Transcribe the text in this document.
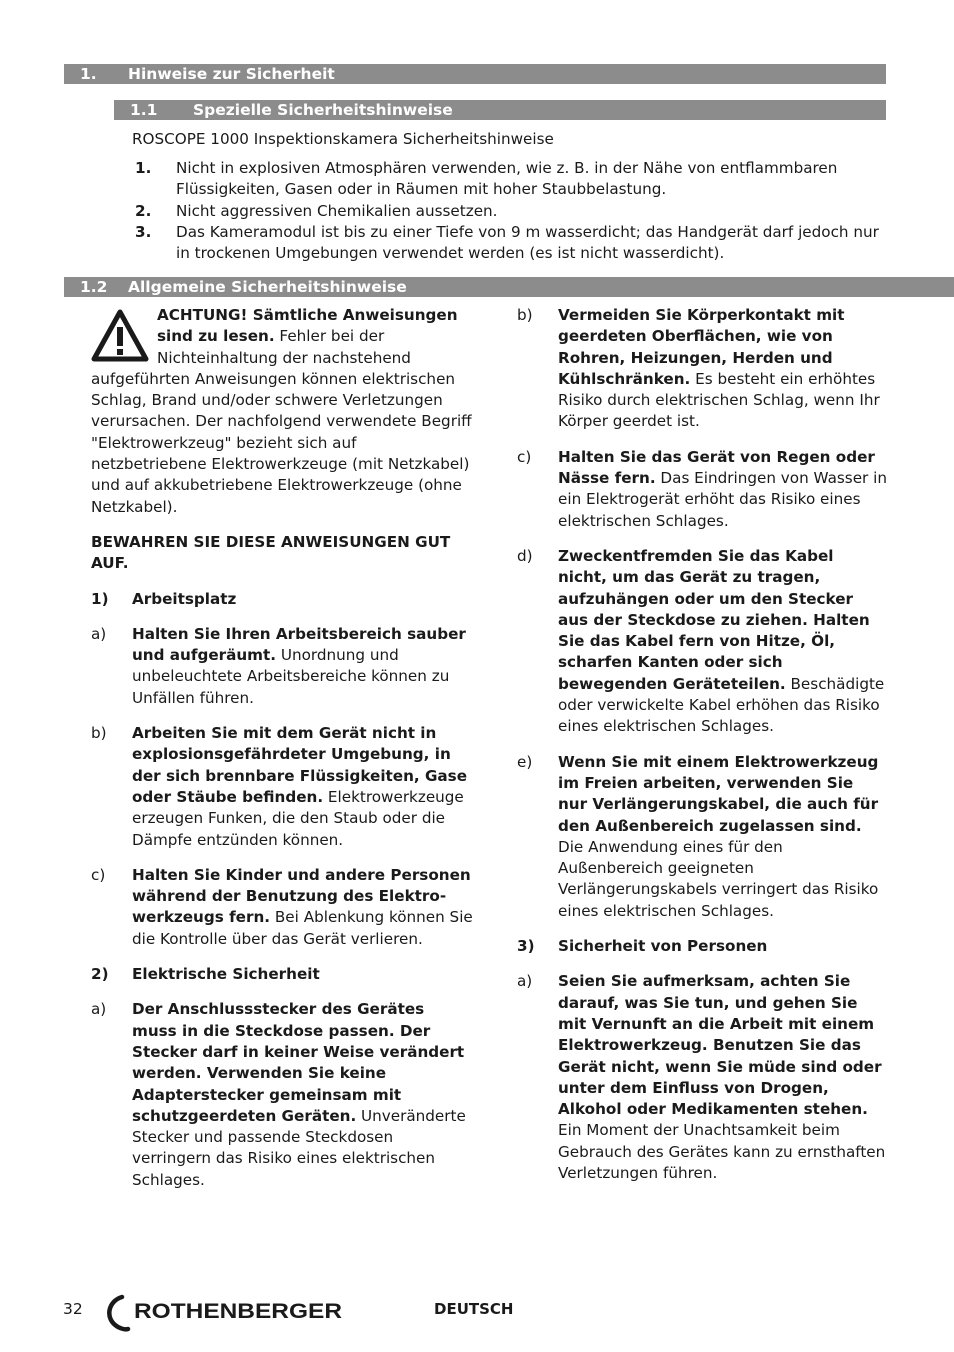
1. Hinweise zur Sicherheit
1.1 Spezielle Sicherheitshinweise
ROSCOPE 1000 Inspektionskamera Sicherheitshinweise
1. Nicht in explosiven Atmosphären verwenden, wie z. B. in der Nähe von entflammbaren Flüssigkeiten, Gasen oder in Räumen mit hoher Staubbelastung.
2. Nicht aggressiven Chemikalien aussetzen.
3. Das Kameramodul ist bis zu einer Tiefe von 9 m wasserdicht; das Handgerät darf jedoch nur in trockenen Umgebungen verwendet werden (es ist nicht wasserdicht).
1.2 Allgemeine Sicherheitshinweise
ACHTUNG! Sämtliche Anweisungen sind zu lesen. Fehler bei der Nichteinhaltung der nachstehend aufgeführten Anweisungen können elektrischen Schlag, Brand und/oder schwere Verletzungen verursachen. Der nachfolgend verwendete Begriff "Elektrowerkzeug" bezieht sich auf netzbetriebene Elektrowerkzeuge (mit Netzkabel) und auf akkubetriebene Elektrowerkzeuge (ohne Netzkabel).
BEWAHREN SIE DIESE ANWEISUNGEN GUT AUF.
1) Arbeitsplatz
a) Halten Sie Ihren Arbeitsbereich sauber und aufgeräumt. Unordnung und unbeleuchtete Arbeitsbereiche können zu Unfällen führen.
b) Arbeiten Sie mit dem Gerät nicht in explosionsgefährdeter Umgebung, in der sich brennbare Flüssigkeiten, Gase oder Stäube befinden. Elektrowerkzeuge erzeugen Funken, die den Staub oder die Dämpfe entzünden können.
c) Halten Sie Kinder und andere Personen während der Benutzung des Elektro-werkzeugs fern. Bei Ablenkung können Sie die Kontrolle über das Gerät verlieren.
2) Elektrische Sicherheit
a) Der Anschlussstecker des Gerätes muss in die Steckdose passen. Der Stecker darf in keiner Weise verändert werden. Verwenden Sie keine Adapterstecker gemeinsam mit schutzgeerdeten Geräten. Unveränderte Stecker und passende Steckdosen verringern das Risiko eines elektrischen Schlages.
b) Vermeiden Sie Körperkontakt mit geerdeten Oberflächen, wie von Rohren, Heizungen, Herden und Kühlschränken. Es besteht ein erhöhtes Risiko durch elektrischen Schlag, wenn Ihr Körper geerdet ist.
c) Halten Sie das Gerät von Regen oder Nässe fern. Das Eindringen von Wasser in ein Elektrogerät erhöht das Risiko eines elektrischen Schlages.
d) Zweckentfremden Sie das Kabel nicht, um das Gerät zu tragen, aufzuhängen oder um den Stecker aus der Steckdose zu ziehen. Halten Sie das Kabel fern von Hitze, Öl, scharfen Kanten oder sich bewegenden Geräteteilen. Beschädigte oder verwickelte Kabel erhöhen das Risiko eines elektrischen Schlages.
e) Wenn Sie mit einem Elektrowerkzeug im Freien arbeiten, verwenden Sie nur Verlängerungskabel, die auch für den Außenbereich zugelassen sind. Die Anwendung eines für den Außenbereich geeigneten Verlängerungskabels verringert das Risiko eines elektrischen Schlages.
3) Sicherheit von Personen
a) Seien Sie aufmerksam, achten Sie darauf, was Sie tun, und gehen Sie mit Vernunft an die Arbeit mit einem Elektrowerkzeug. Benutzen Sie das Gerät nicht, wenn Sie müde sind oder unter dem Einfluss von Drogen, Alkohol oder Medikamenten stehen. Ein Moment der Unachtsamkeit beim Gebrauch des Gerätes kann zu ernsthaften Verletzungen führen.
32 ROTHENBERGER	DEUTSCH
